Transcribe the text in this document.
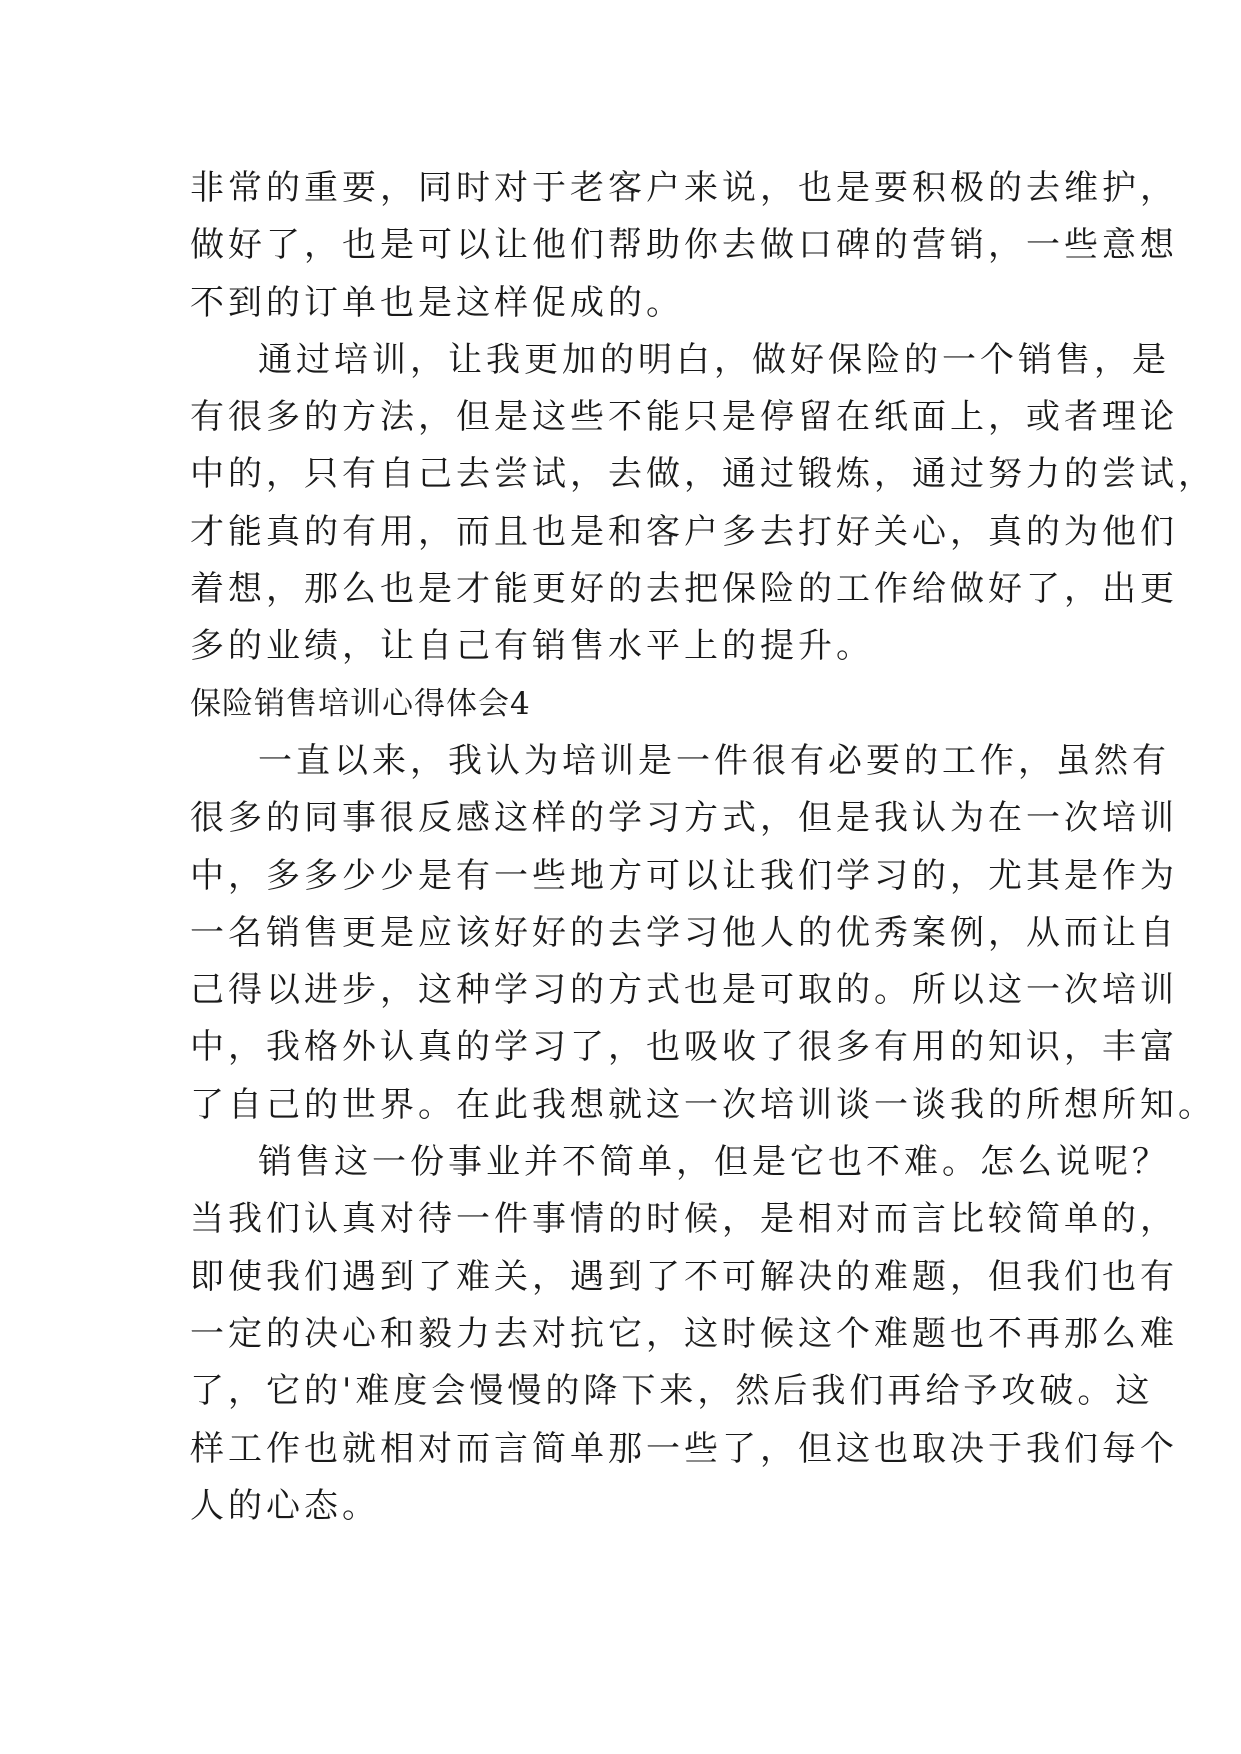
非常的重要，同时对于老客户来说，也是要积极的去维护，
做好了，也是可以让他们帮助你去做口碑的营销，一些意想
不到的订单也是这样促成的。
通过培训，让我更加的明白，做好保险的一个销售，是
有很多的方法，但是这些不能只是停留在纸面上，或者理论
中的，只有自己去尝试，去做，通过锻炼，通过努力的尝试，
才能真的有用，而且也是和客户多去打好关心，真的为他们
着想，那么也是才能更好的去把保险的工作给做好了，出更
多的业绩，让自己有销售水平上的提升。
保险销售培训心得体会4
一直以来，我认为培训是一件很有必要的工作，虽然有
很多的同事很反感这样的学习方式，但是我认为在一次培训
中，多多少少是有一些地方可以让我们学习的，尤其是作为
一名销售更是应该好好的去学习他人的优秀案例，从而让自
己得以进步，这种学习的方式也是可取的。所以这一次培训
中，我格外认真的学习了，也吸收了很多有用的知识，丰富
了自己的世界。在此我想就这一次培训谈一谈我的所想所知。
销售这一份事业并不简单，但是它也不难。怎么说呢？
当我们认真对待一件事情的时候，是相对而言比较简单的，
即使我们遇到了难关，遇到了不可解决的难题，但我们也有
一定的决心和毅力去对抗它，这时候这个难题也不再那么难
了，它的'难度会慢慢的降下来，然后我们再给予攻破。这
样工作也就相对而言简单那一些了，但这也取决于我们每个
人的心态。
